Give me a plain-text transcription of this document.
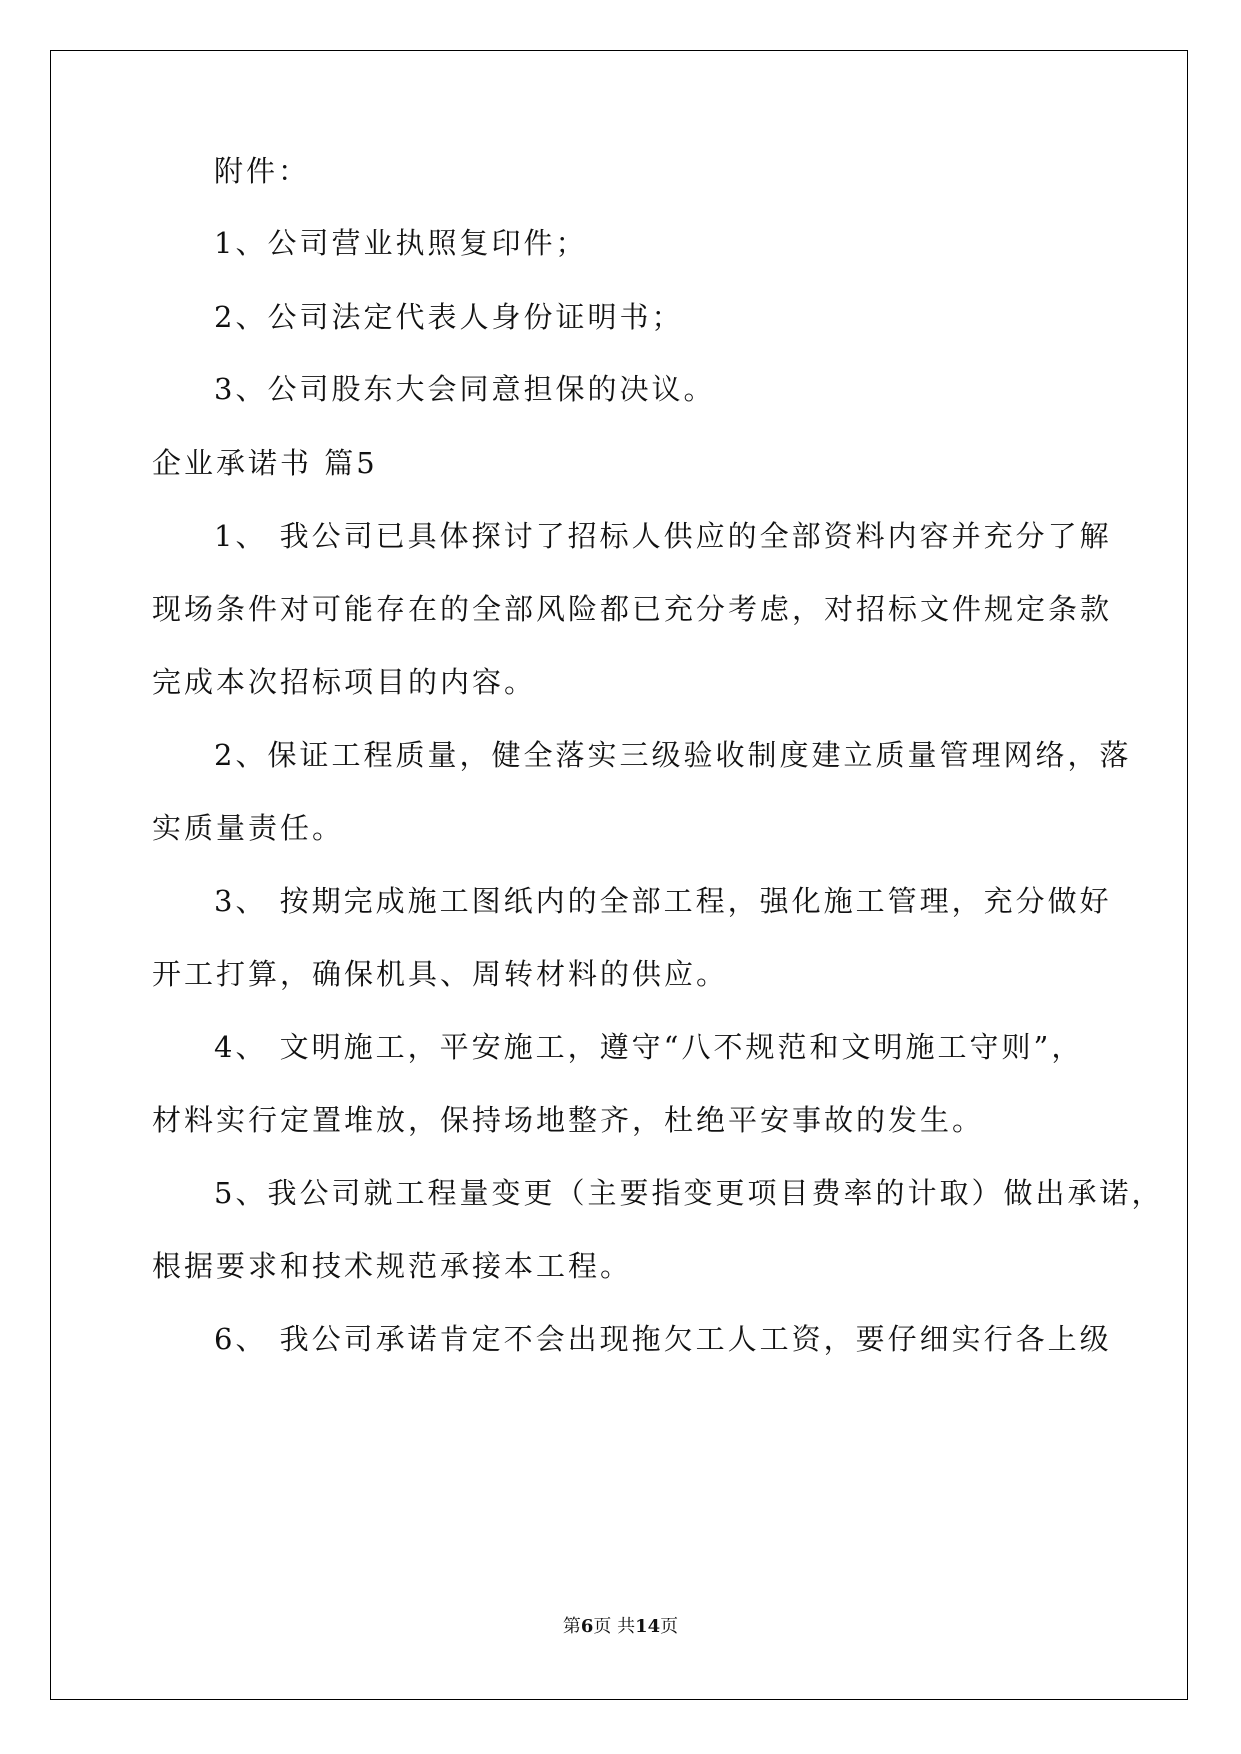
附件：
1、公司营业执照复印件；
2、公司法定代表人身份证明书；
3、公司股东大会同意担保的决议。
企业承诺书 篇5
1、 我公司已具体探讨了招标人供应的全部资料内容并充分了解
现场条件对可能存在的全部风险都已充分考虑，对招标文件规定条款
完成本次招标项目的内容。
2、保证工程质量，健全落实三级验收制度建立质量管理网络，落
实质量责任。
3、 按期完成施工图纸内的全部工程，强化施工管理，充分做好
开工打算，确保机具、周转材料的供应。
4、 文明施工，平安施工，遵守“八不规范和文明施工守则”，
材料实行定置堆放，保持场地整齐，杜绝平安事故的发生。
5、我公司就工程量变更（主要指变更项目费率的计取）做出承诺，
根据要求和技术规范承接本工程。
6、 我公司承诺肯定不会出现拖欠工人工资，要仔细实行各上级
第6页 共14页
